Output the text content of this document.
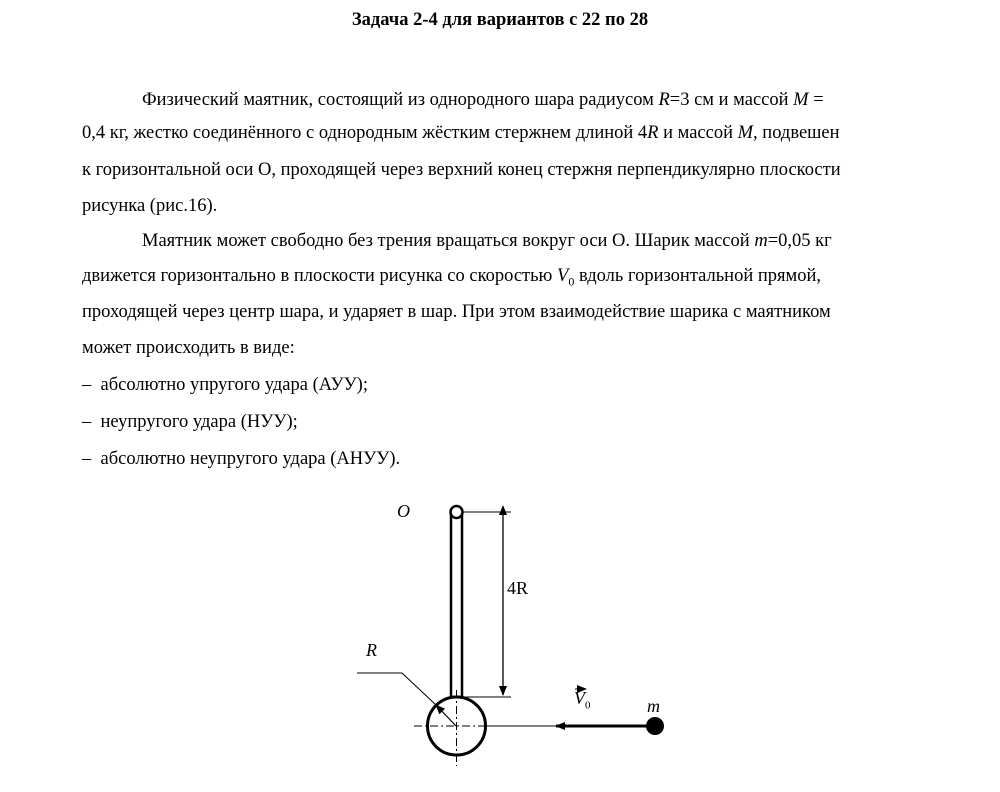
Задача 2-4 для вариантов с 22 по 28
Физический маятник, состоящий из однородного шара радиусом R=3 см и массой M =
0,4 кг, жестко соединённого с однородным жёстким стержнем длиной 4R и массой M, подвешен
к горизонтальной оси О, проходящей через верхний конец стержня перпендикулярно плоскости
рисунка (рис.16).
Маятник может свободно без трения вращаться вокруг оси О. Шарик массой m=0,05 кг
движется горизонтально в плоскости рисунка со скоростью $V_0$ вдоль горизонтальной прямой,
проходящей через центр шара, и ударяет в шар. При этом взаимодействие шарика с маятником
может происходить в виде:
– абсолютно упругого удара (АУУ);
– неупругого удара (НУУ);
– абсолютно неупругого удара (АНУУ).
O
4R
R
$V_0$	m
